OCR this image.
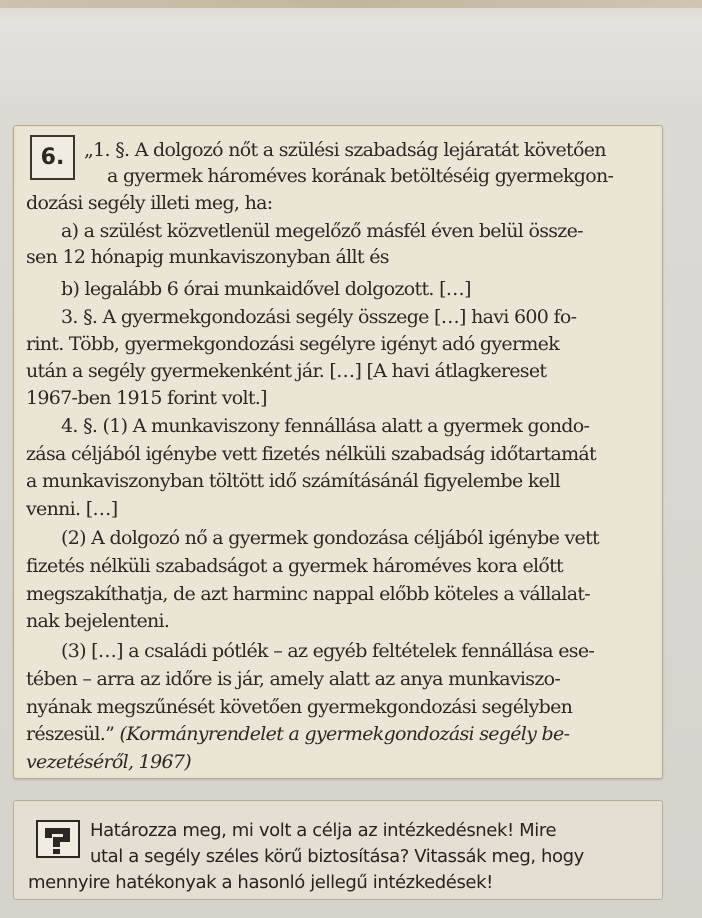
6.	„1. §. A dolgozó nőt a szülési szabadság lejáratát követően
a gyermek hároméves korának betöltéséig gyermekgon-
dozási segély illeti meg, ha:
a) a szülést közvetlenül megelőző másfél éven belül össze-
sen 12 hónapig munkaviszonyban állt és
b) legalább 6 órai munkaidővel dolgozott. […]
3. §. A gyermekgondozási segély összege […] havi 600 fo-
rint. Több, gyermekgondozási segélyre igényt adó gyermek
után a segély gyermekenként jár. […] [A havi átlagkereset
1967-ben 1915 forint volt.]
4. §. (1) A munkaviszony fennállása alatt a gyermek gondo-
zása céljából igénybe vett fizetés nélküli szabadság időtartamát
a munkaviszonyban töltött idő számításánál figyelembe kell
venni. […]
(2) A dolgozó nő a gyermek gondozása céljából igénybe vett
fizetés nélküli szabadságot a gyermek hároméves kora előtt
megszakíthatja, de azt harminc nappal előbb köteles a vállalat-
nak bejelenteni.
(3) […] a családi pótlék – az egyéb feltételek fennállása ese-
tében – arra az időre is jár, amely alatt az anya munkaviszo-
nyának megszűnését követően gyermekgondozási segélyben
részesül.” (Kormányrendelet a gyermekgondozási segély be-
vezetéséről, 1967)
Határozza meg, mi volt a célja az intézkedésnek! Mire
utal a segély széles körű biztosítása? Vitassák meg, hogy
mennyire hatékonyak a hasonló jellegű intézkedések!
